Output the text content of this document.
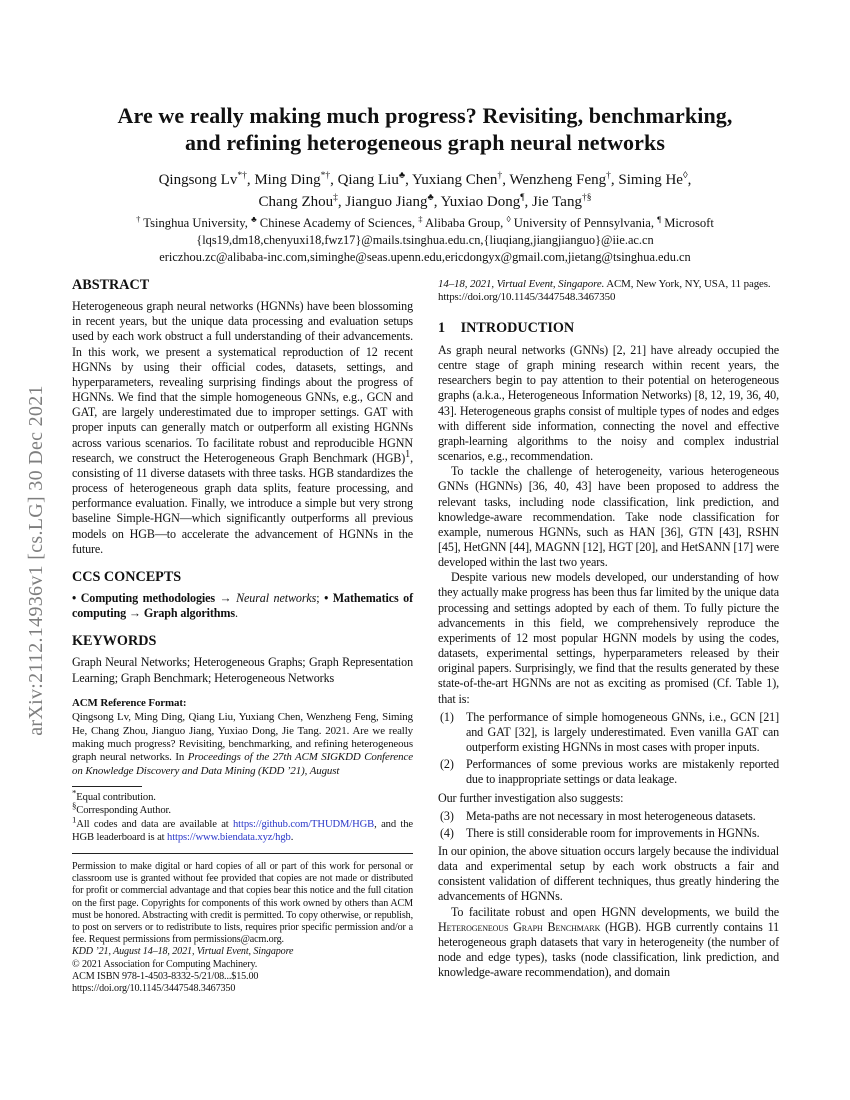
arXiv:2112.14936v1 [cs.LG] 30 Dec 2021
Are we really making much progress? Revisiting, benchmarking,
and refining heterogeneous graph neural networks
Qingsong Lv*†, Ming Ding*†, Qiang Liu♣, Yuxiang Chen†, Wenzheng Feng†, Siming He◊,
Chang Zhou‡, Jianguo Jiang♣, Yuxiao Dong¶, Jie Tang†§
† Tsinghua University, ♣ Chinese Academy of Sciences, ‡ Alibaba Group, ◊ University of Pennsylvania, ¶ Microsoft
{lqs19,dm18,chenyuxi18,fwz17}@mails.tsinghua.edu.cn,{liuqiang,jiangjianguo}@iie.ac.cn
ericzhou.zc@alibaba-inc.com,siminghe@seas.upenn.edu,ericdongyx@gmail.com,jietang@tsinghua.edu.cn
ABSTRACT

Heterogeneous graph neural networks (HGNNs) have been blossoming in recent years, but the unique data processing and evaluation setups used by each work obstruct a full understanding of their advancements. In this work, we present a systematical reproduction of 12 recent HGNNs by using their official codes, datasets, settings, and hyperparameters, revealing surprising findings about the progress of HGNNs. We find that the simple homogeneous GNNs, e.g., GCN and GAT, are largely underestimated due to improper settings. GAT with proper inputs can generally match or outperform all existing HGNNs across various scenarios. To facilitate robust and reproducible HGNN research, we construct the Heterogeneous Graph Benchmark (HGB)$^1$, consisting of 11 diverse datasets with three tasks. HGB standardizes the process of heterogeneous graph data splits, feature processing, and performance evaluation. Finally, we introduce a simple but very strong baseline Simple-HGN—which significantly outperforms all previous models on HGB—to accelerate the advancement of HGNNs in the future.

CCS CONCEPTS

• Computing methodologies → Neural networks; • Mathematics of computing → Graph algorithms.

KEYWORDS

Graph Neural Networks; Heterogeneous Graphs; Graph Representation Learning; Graph Benchmark; Heterogeneous Networks

ACM Reference Format:

Qingsong Lv, Ming Ding, Qiang Liu, Yuxiang Chen, Wenzheng Feng, Siming He, Chang Zhou, Jianguo Jiang, Yuxiao Dong, Jie Tang. 2021. Are we really making much progress? Revisiting, benchmarking, and refining heterogeneous graph neural networks. In Proceedings of the 27th ACM SIGKDD Conference on Knowledge Discovery and Data Mining (KDD ’21), August

*Equal contribution.

§Corresponding Author.

$^1$All codes and data are available at https://github.com/THUDM/HGB, and the HGB leaderboard is at https://www.biendata.xyz/hgb.

Permission to make digital or hard copies of all or part of this work for personal or classroom use is granted without fee provided that copies are not made or distributed for profit or commercial advantage and that copies bear this notice and the full citation on the first page. Copyrights for components of this work owned by others than ACM must be honored. Abstracting with credit is permitted. To copy otherwise, or republish, to post on servers or to redistribute to lists, requires prior specific permission and/or a fee. Request permissions from permissions@acm.org.

KDD ’21, August 14–18, 2021, Virtual Event, Singapore

© 2021 Association for Computing Machinery.

ACM ISBN 978-1-4503-8332-5/21/08...$15.00

https://doi.org/10.1145/3447548.3467350

14–18, 2021, Virtual Event, Singapore. ACM, New York, NY, USA, 11 pages.

https://doi.org/10.1145/3447548.3467350

1 INTRODUCTION

As graph neural networks (GNNs) [2, 21] have already occupied the centre stage of graph mining research within recent years, the researchers begin to pay attention to their potential on heterogeneous graphs (a.k.a., Heterogeneous Information Networks) [8, 12, 19, 36, 40, 43]. Heterogeneous graphs consist of multiple types of nodes and edges with different side information, connecting the novel and effective graph-learning algorithms to the noisy and complex industrial scenarios, e.g., recommendation.

To tackle the challenge of heterogeneity, various heterogeneous GNNs (HGNNs) [36, 40, 43] have been proposed to address the relevant tasks, including node classification, link prediction, and knowledge-aware recommendation. Take node classification for example, numerous HGNNs, such as HAN [36], GTN [43], RSHN [45], HetGNN [44], MAGNN [12], HGT [20], and HetSANN [17] were developed within the last two years.

Despite various new models developed, our understanding of how they actually make progress has been thus far limited by the unique data processing and settings adopted by each of them. To fully picture the advancements in this field, we comprehensively reproduce the experiments of 12 most popular HGNN models by using the codes, datasets, experimental settings, hyperparameters released by their original papers. Surprisingly, we find that the results generated by these state-of-the-art HGNNs are not as exciting as promised (Cf. Table 1), that is:

(1)	The performance of simple homogeneous GNNs, i.e., GCN [21] and GAT [32], is largely underestimated. Even vanilla GAT can outperform existing HGNNs in most cases with proper inputs.
(2)	Performances of some previous works are mistakenly reported due to inappropriate settings or data leakage.

Our further investigation also suggests:

(3)	Meta-paths are not necessary in most heterogeneous datasets.
(4)	There is still considerable room for improvements in HGNNs.

In our opinion, the above situation occurs largely because the individual data and experimental setup by each work obstructs a fair and consistent validation of different techniques, thus greatly hindering the advancements of HGNNs.

To facilitate robust and open HGNN developments, we build the Heterogeneous Graph Benchmark (HGB). HGB currently contains 11 heterogeneous graph datasets that vary in heterogeneity (the number of node and edge types), tasks (node classification, link prediction, and knowledge-aware recommendation), and domain
